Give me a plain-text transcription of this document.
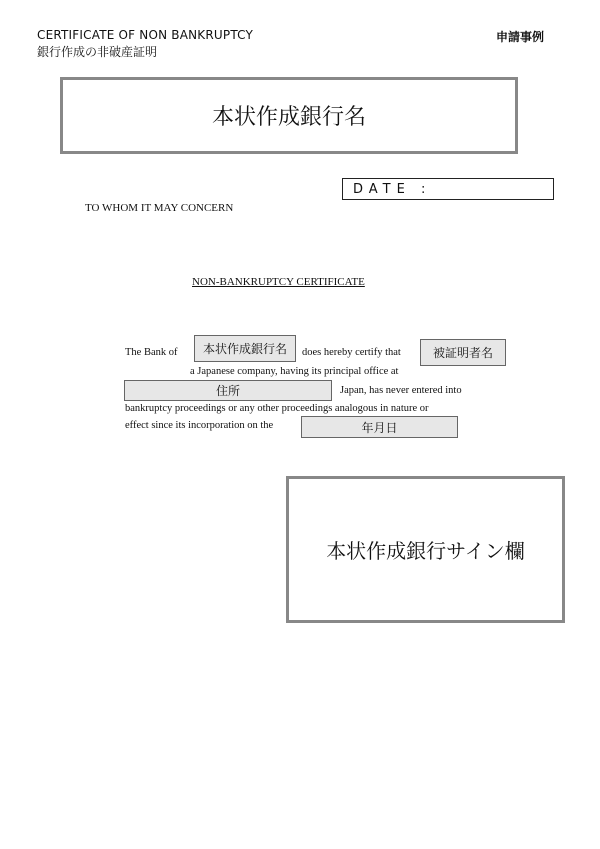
CERTIFICATE OF NON BANKRUPTCY
銀行作成の非破産証明
申請事例
本状作成銀行名
DATE :
TO WHOM IT MAY CONCERN
NON-BANKRUPTCY CERTIFICATE
The Bank of	本状作成銀行名	does hereby certify that	被証明者名
a Japanese company, having its principal office at
住所	Japan, has never entered into
bankruptcy proceedings or any other proceedings analogous in nature or
effect since its incorporation on the	年月日
本状作成銀行サイン欄
